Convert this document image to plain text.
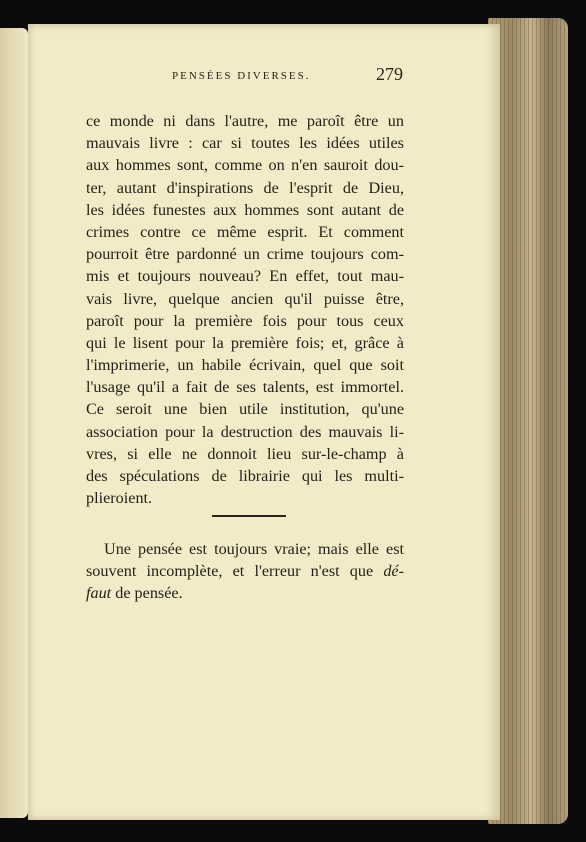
PENSÉES DIVERSES.	279
ce monde ni dans l'autre, me paroît être un
mauvais livre : car si toutes les idées utiles
aux hommes sont, comme on n'en sauroit dou-
ter, autant d'inspirations de l'esprit de Dieu,
les idées funestes aux hommes sont autant de
crimes contre ce même esprit. Et comment
pourroit être pardonné un crime toujours com-
mis et toujours nouveau? En effet, tout mau-
vais livre, quelque ancien qu'il puisse être,
paroît pour la première fois pour tous ceux
qui le lisent pour la première fois; et, grâce à
l'imprimerie, un habile écrivain, quel que soit
l'usage qu'il a fait de ses talents, est immortel.
Ce seroit une bien utile institution, qu'une
association pour la destruction des mauvais li-
vres, si elle ne donnoit lieu sur-le-champ à
des spéculations de librairie qui les multi-
plieroient.
Une pensée est toujours vraie; mais elle est
souvent incomplète, et l'erreur n'est que dé-
faut de pensée.
